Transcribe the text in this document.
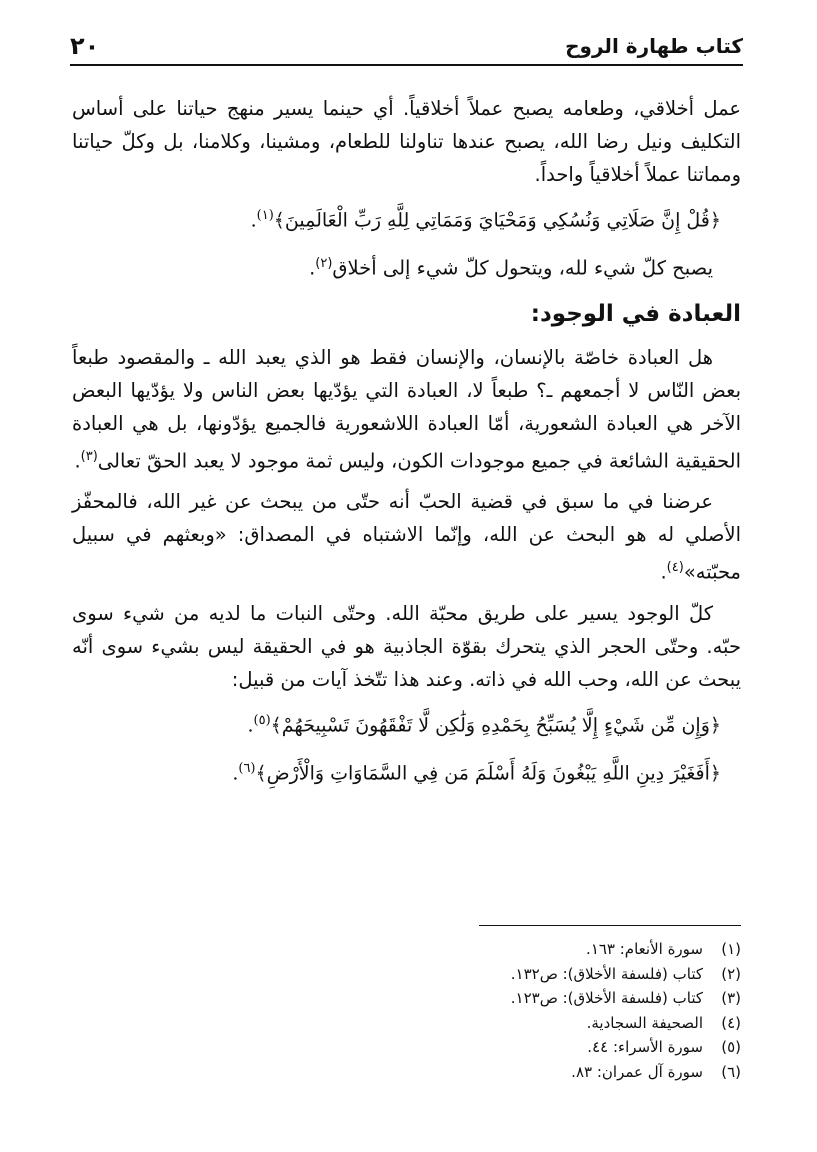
كتاب طهارة الروح
٢٠

عمل أخلاقي، وطعامه يصبح عملاً أخلاقياً. أي حينما يسير منهج حياتنا على أساس التكليف ونيل رضا الله، يصبح عندها تناولنا للطعام، ومشينا، وكلامنا، بل وكلّ حياتنا ومماتنا عملاً أخلاقياً واحداً.

﴿قُلْ إِنَّ صَلَاتِي وَنُسُكِي وَمَحْيَايَ وَمَمَاتِي لِلَّهِ رَبِّ الْعَالَمِينَ﴾$^{(١)}$.

يصبح كلّ شيء لله، ويتحول كلّ شيء إلى أخلاق$^{(٢)}$.

العبادة في الوجود:

هل العبادة خاصّة بالإنسان، والإنسان فقط هو الذي يعبد الله ـ والمقصود طبعاً بعض النّاس لا أجمعهم ـ؟ طبعاً لا، العبادة التي يؤدّيها بعض الناس ولا يؤدّيها البعض الآخر هي العبادة الشعورية، أمّا العبادة اللاشعورية فالجميع يؤدّونها، بل هي العبادة الحقيقية الشائعة في جميع موجودات الكون، وليس ثمة موجود لا يعبد الحقّ تعالى$^{(٣)}$.

عرضنا في ما سبق في قضية الحبّ أنه حتّى من يبحث عن غير الله، فالمحفّز الأصلي له هو البحث عن الله، وإنّما الاشتباه في المصداق: «وبعثهم في سبيل محبّته»$^{(٤)}$.

كلّ الوجود يسير على طريق محبّة الله. وحتّى النبات ما لديه من شيء سوى حبّه. وحتّى الحجر الذي يتحرك بقوّة الجاذبية هو في الحقيقة ليس بشيء سوى أنّه يبحث عن الله، وحب الله في ذاته. وعند هذا تتّخذ آيات من قبيل:

﴿وَإِن مِّن شَيْءٍ إِلَّا يُسَبِّحُ بِحَمْدِهِ وَلَٰكِن لَّا تَفْقَهُونَ تَسْبِيحَهُمْ﴾$^{(٥)}$.

﴿أَفَغَيْرَ دِينِ اللَّهِ يَبْغُونَ وَلَهُ أَسْلَمَ مَن فِي السَّمَاوَاتِ وَالْأَرْضِ﴾$^{(٦)}$.

(١)
سورة الأنعام: ١٦٣.
(٢)
كتاب (فلسفة الأخلاق): ص١٣٢.
(٣)
كتاب (فلسفة الأخلاق): ص١٢٣.
(٤)
الصحيفة السجادية.
(٥)
سورة الأسراء: ٤٤.
(٦)
سورة آل عمران: ٨٣.
